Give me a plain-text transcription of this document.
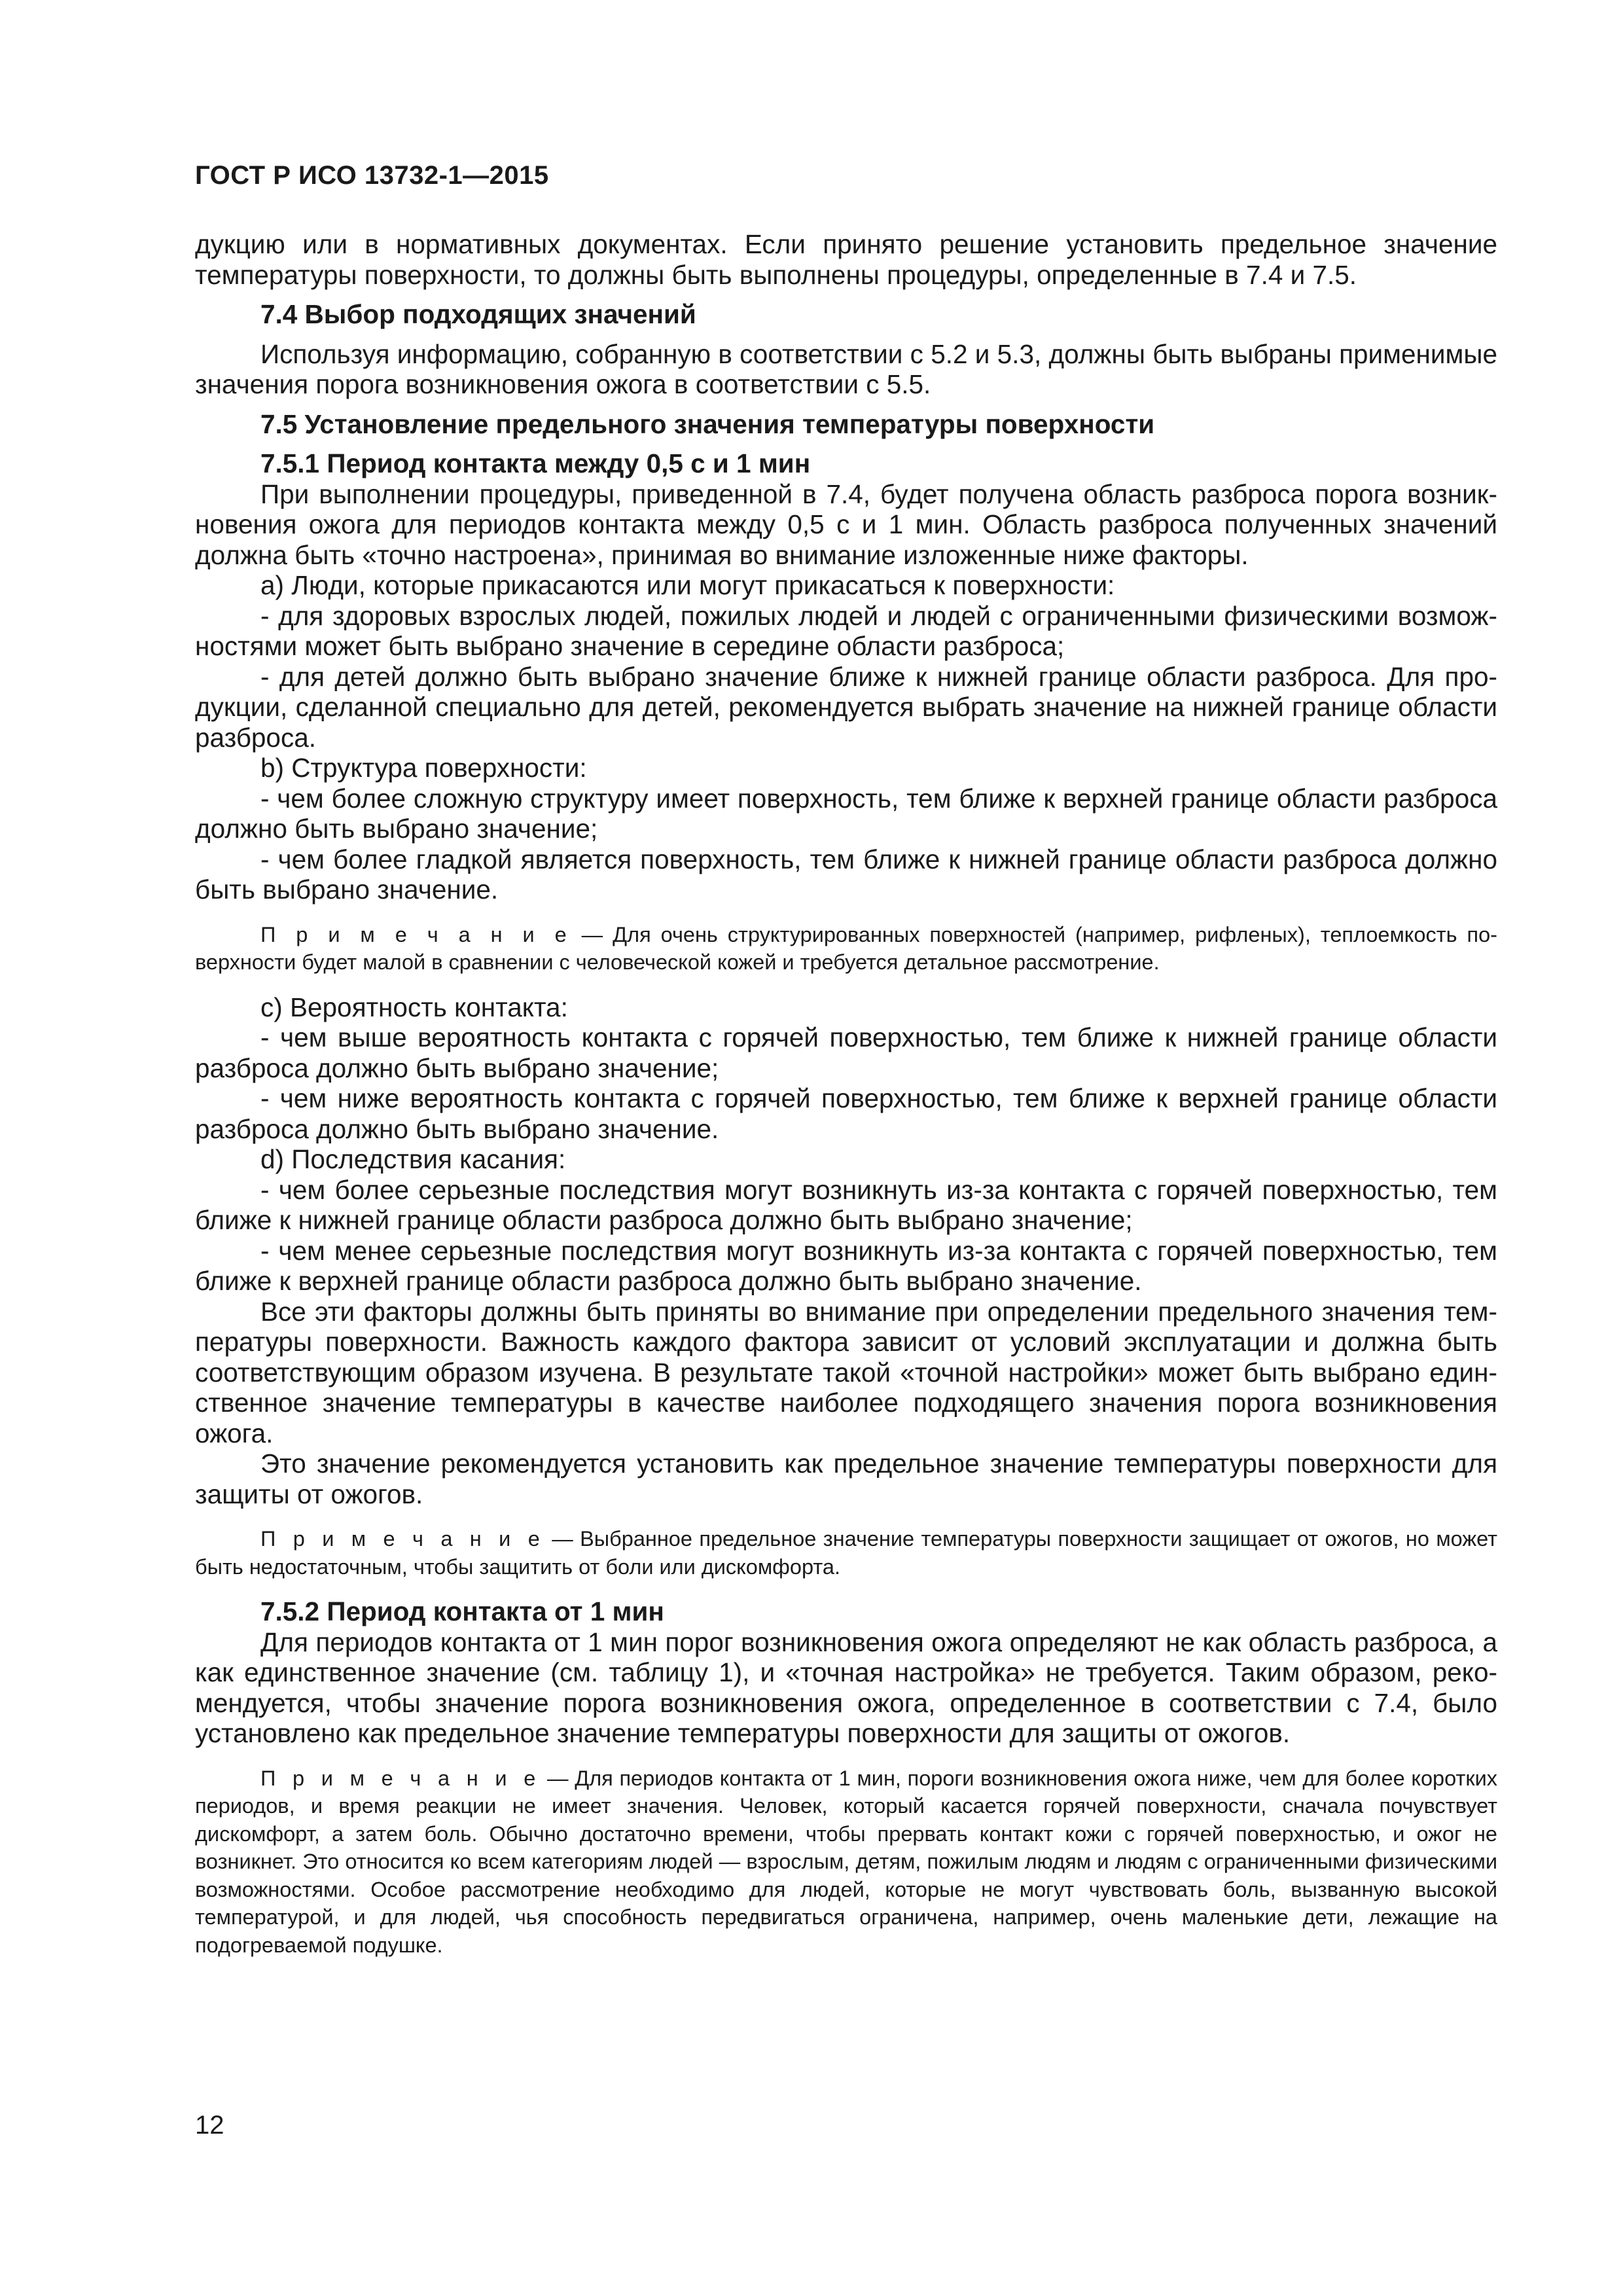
ГОСТ Р ИСО 13732-1—2015

дукцию или в нормативных документах. Если принято решение установить предельное значение температуры поверхности, то должны быть выполнены процедуры, определенные в 7.4 и 7.5.

7.4 Выбор подходящих значений

Используя информацию, собранную в соответствии с 5.2 и 5.3, должны быть выбраны применимые значения порога возникновения ожога в соответствии с 5.5.

7.5 Установление предельного значения температуры поверхности

7.5.1 Период контакта между 0,5 с и 1 мин

При выполнении процедуры, приведенной в 7.4, будет получена область разброса порога возникновения ожога для периодов контакта между 0,5 с и 1 мин. Область разброса полученных значений должна быть «точно настроена», принимая во внимание изложенные ниже факторы.

a) Люди, которые прикасаются или могут прикасаться к поверхности:

- для здоровых взрослых людей, пожилых людей и людей с ограниченными физическими возможностями может быть выбрано значение в середине области разброса;

- для детей должно быть выбрано значение ближе к нижней границе области разброса. Для продукции, сделанной специально для детей, рекомендуется выбрать значение на нижней границе области разброса.

b) Структура поверхности:

- чем более сложную структуру имеет поверхность, тем ближе к верхней границе области разброса должно быть выбрано значение;

- чем более гладкой является поверхность, тем ближе к нижней границе области разброса должно быть выбрано значение.

П р и м е ч а н и е — Для очень структурированных поверхностей (например, рифленых), теплоемкость поверхности будет малой в сравнении с человеческой кожей и требуется детальное рассмотрение.

c) Вероятность контакта:

- чем выше вероятность контакта с горячей поверхностью, тем ближе к нижней границе области разброса должно быть выбрано значение;

- чем ниже вероятность контакта с горячей поверхностью, тем ближе к верхней границе области разброса должно быть выбрано значение.

d) Последствия касания:

- чем более серьезные последствия могут возникнуть из-за контакта с горячей поверхностью, тем ближе к нижней границе области разброса должно быть выбрано значение;

- чем менее серьезные последствия могут возникнуть из-за контакта с горячей поверхностью, тем ближе к верхней границе области разброса должно быть выбрано значение.

Все эти факторы должны быть приняты во внимание при определении предельного значения температуры поверхности. Важность каждого фактора зависит от условий эксплуатации и должна быть соответствующим образом изучена. В результате такой «точной настройки» может быть выбрано единственное значение температуры в качестве наиболее подходящего значения порога возникновения ожога.

Это значение рекомендуется установить как предельное значение температуры поверхности для защиты от ожогов.

П р и м е ч а н и е — Выбранное предельное значение температуры поверхности защищает от ожогов, но может быть недостаточным, чтобы защитить от боли или дискомфорта.

7.5.2 Период контакта от 1 мин

Для периодов контакта от 1 мин порог возникновения ожога определяют не как область разброса, а как единственное значение (см. таблицу 1), и «точная настройка» не требуется. Таким образом, рекомендуется, чтобы значение порога возникновения ожога, определенное в соответствии с 7.4, было установлено как предельное значение температуры поверхности для защиты от ожогов.

П р и м е ч а н и е — Для периодов контакта от 1 мин, пороги возникновения ожога ниже, чем для более коротких периодов, и время реакции не имеет значения. Человек, который касается горячей поверхности, сначала почувствует дискомфорт, а затем боль. Обычно достаточно времени, чтобы прервать контакт кожи с горячей поверхностью, и ожог не возникнет. Это относится ко всем категориям людей — взрослым, детям, пожилым людям и людям с ограниченными физическими возможностями. Особое рассмотрение необходимо для людей, которые не могут чувствовать боль, вызванную высокой температурой, и для людей, чья способность передвигаться ограничена, например, очень маленькие дети, лежащие на подогреваемой подушке.

12
